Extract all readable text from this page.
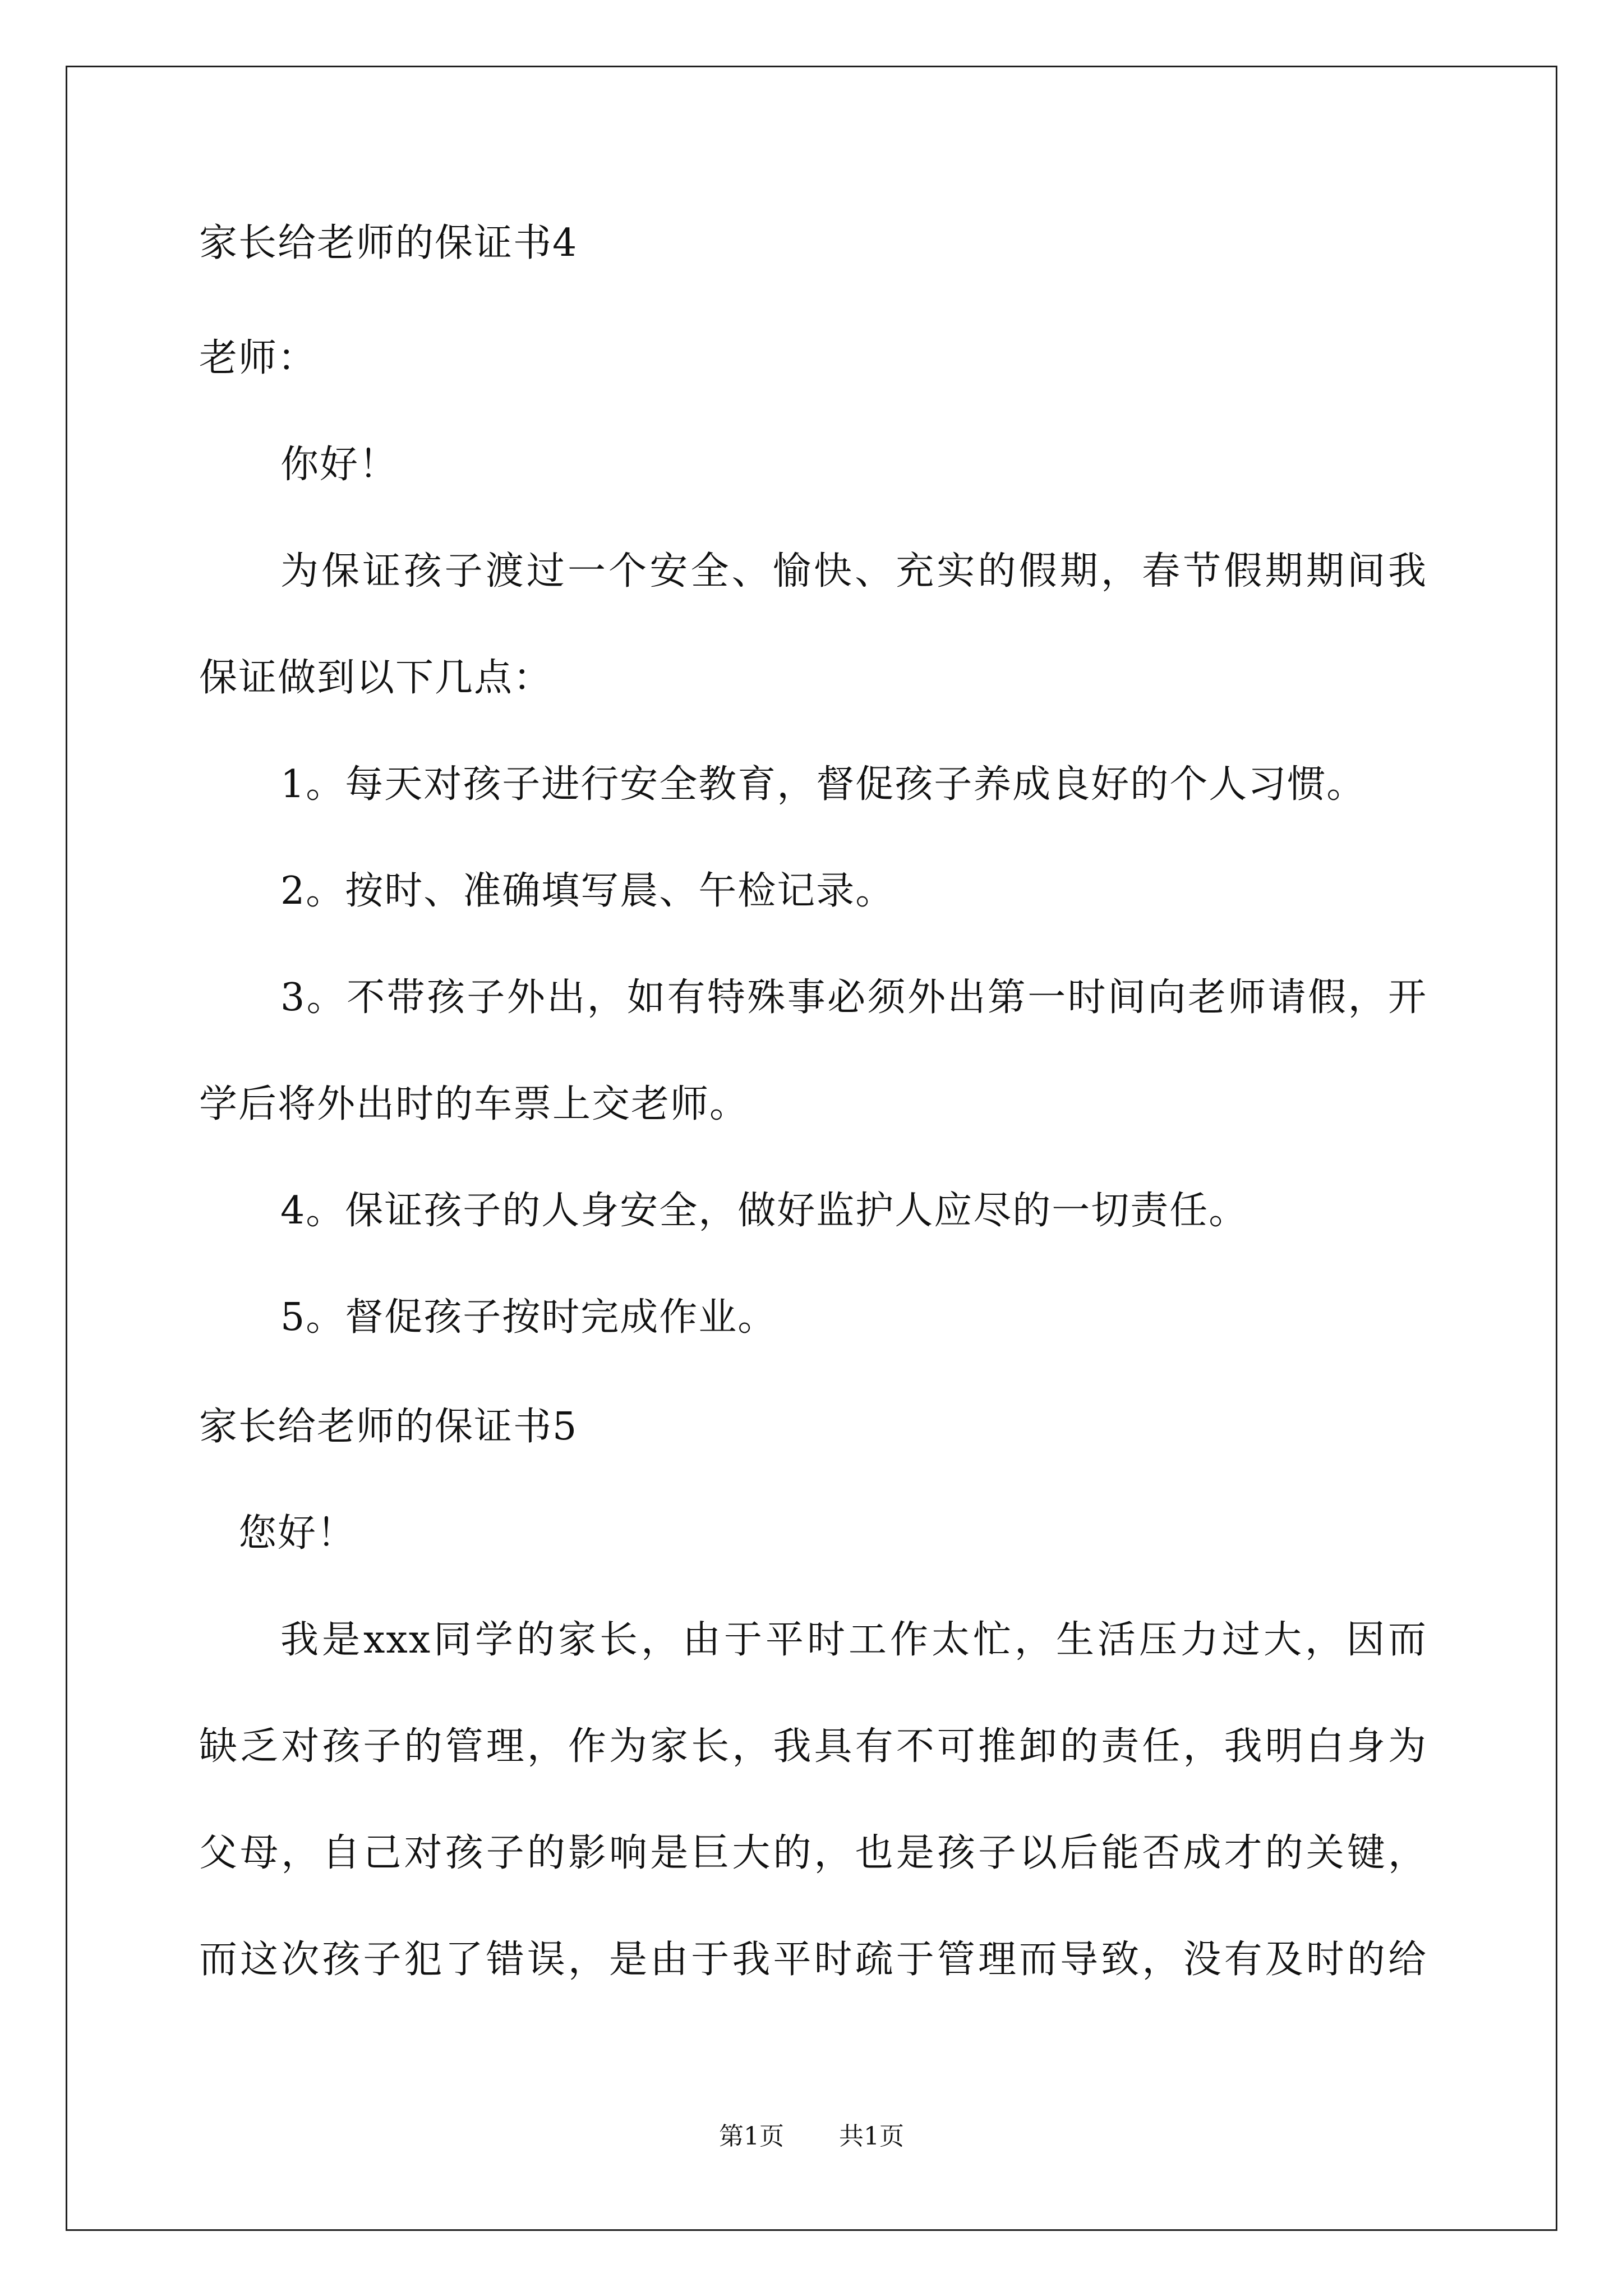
家长给老师的保证书4
老师：
你好！
为保证孩子渡过一个安全、愉快、充实的假期，春节假期期间我
保证做到以下几点：
1。每天对孩子进行安全教育，督促孩子养成良好的个人习惯。
2。按时、准确填写晨、午检记录。
3。不带孩子外出，如有特殊事必须外出第一时间向老师请假，开
学后将外出时的车票上交老师。
4。保证孩子的人身安全，做好监护人应尽的一切责任。
5。督促孩子按时完成作业。
家长给老师的保证书5
您好！
我是xxx同学的家长，由于平时工作太忙，生活压力过大，因而
缺乏对孩子的管理，作为家长，我具有不可推卸的责任，我明白身为
父母，自己对孩子的影响是巨大的，也是孩子以后能否成才的关键，
而这次孩子犯了错误，是由于我平时疏于管理而导致，没有及时的给
第1页 共1页
